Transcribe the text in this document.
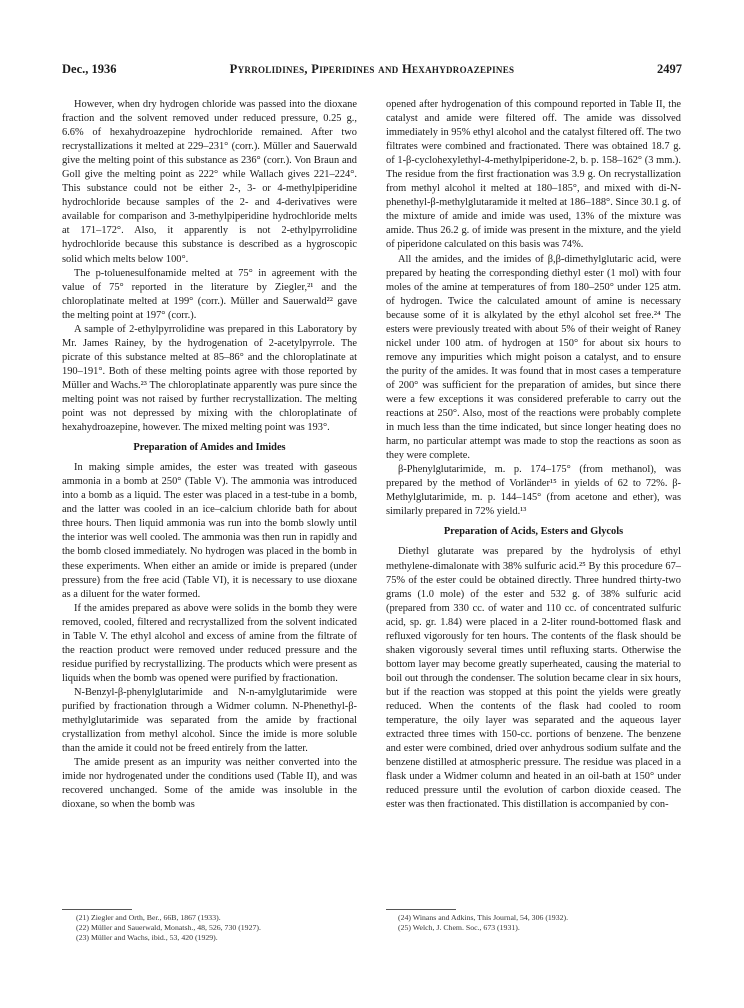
Dec., 1936	Pyrrolidines, Piperidines and Hexahydroazepines	2497

However, when dry hydrogen chloride was passed into the dioxane fraction and the solvent removed under reduced pressure, 0.25 g., 6.6% of hexahydroazepine hydrochloride remained. After two recrystallizations it melted at 229–231° (corr.). Müller and Sauerwald give the melting point of this substance as 236° (corr.). Von Braun and Goll give the melting point as 222° while Wallach gives 221–224°. This substance could not be either 2-, 3- or 4-methylpiperidine hydrochloride because samples of the 2- and 4-derivatives were available for comparison and 3-methylpiperidine hydrochloride melts at 171–172°. Also, it apparently is not 2-ethylpyrrolidine hydrochloride because this substance is described as a hygroscopic solid which melts below 100°.

The p-toluenesulfonamide melted at 75° in agreement with the value of 75° reported in the literature by Ziegler,²¹ and the chloroplatinate melted at 199° (corr.). Müller and Sauerwald²² gave the melting point at 197° (corr.).

A sample of 2-ethylpyrrolidine was prepared in this Laboratory by Mr. James Rainey, by the hydrogenation of 2-acetylpyrrole. The picrate of this substance melted at 85–86° and the chloroplatinate at 190–191°. Both of these melting points agree with those reported by Müller and Wachs.²³ The chloroplatinate apparently was pure since the melting point was not raised by further recrystallization. The melting point was not depressed by mixing with the chloroplatinate of hexahydroazepine, however. The mixed melting point was 193°.

Preparation of Amides and Imides

In making simple amides, the ester was treated with gaseous ammonia in a bomb at 250° (Table V). The ammonia was introduced into a bomb as a liquid. The ester was placed in a test-tube in a bomb, and the latter was cooled in an ice–calcium chloride bath for about three hours. Then liquid ammonia was run into the bomb slowly until the interior was well cooled. The ammonia was then run in rapidly and the bomb closed immediately. No hydrogen was placed in the bomb in these experiments. When either an amide or imide is prepared (under pressure) from the free acid (Table VI), it is necessary to use dioxane as a diluent for the water formed.

If the amides prepared as above were solids in the bomb they were removed, cooled, filtered and recrystallized from the solvent indicated in Table V. The ethyl alcohol and excess of amine from the filtrate of the reaction product were removed under reduced pressure and the residue purified by recrystallizing. The products which were present as liquids when the bomb was opened were purified by fractionation.

N-Benzyl-β-phenylglutarimide and N-n-amylglutarimide were purified by fractionation through a Widmer column. N-Phenethyl-β-methylglutarimide was separated from the amide by fractional crystallization from methyl alcohol. Since the imide is more soluble than the amide it could not be freed entirely from the latter.

The amide present as an impurity was neither converted into the imide nor hydrogenated under the conditions used (Table II), and was recovered unchanged. Some of the amide was insoluble in the dioxane, so when the bomb was

opened after hydrogenation of this compound reported in Table II, the catalyst and amide were filtered off. The amide was dissolved immediately in 95% ethyl alcohol and the catalyst filtered off. The two filtrates were combined and fractionated. There was obtained 18.7 g. of 1-β-cyclohexylethyl-4-methylpiperidone-2, b. p. 158–162° (3 mm.). The residue from the first fractionation was 3.9 g. On recrystallization from methyl alcohol it melted at 180–185°, and mixed with di-N-phenethyl-β-methylglutaramide it melted at 186–188°. Since 30.1 g. of the mixture of amide and imide was used, 13% of the mixture was amide. Thus 26.2 g. of imide was present in the mixture, and the yield of piperidone calculated on this basis was 74%.

All the amides, and the imides of β,β-dimethylglutaric acid, were prepared by heating the corresponding diethyl ester (1 mol) with four moles of the amine at temperatures of from 180–250° under 125 atm. of hydrogen. Twice the calculated amount of amine is necessary because some of it is alkylated by the ethyl alcohol set free.²⁴ The esters were previously treated with about 5% of their weight of Raney nickel under 100 atm. of hydrogen at 150° for about six hours to remove any impurities which might poison a catalyst, and to ensure the purity of the amides. It was found that in most cases a temperature of 200° was sufficient for the preparation of amides, but since there were a few exceptions it was considered preferable to carry out the reactions at 250°. Also, most of the reactions were probably complete in much less than the time indicated, but since longer heating does no harm, no particular attempt was made to stop the reactions as soon as they were complete.

β-Phenylglutarimide, m. p. 174–175° (from methanol), was prepared by the method of Vorländer¹⁵ in yields of 62 to 72%. β-Methylglutarimide, m. p. 144–145° (from acetone and ether), was similarly prepared in 72% yield.¹³

Preparation of Acids, Esters and Glycols

Diethyl glutarate was prepared by the hydrolysis of ethyl methylene-dimalonate with 38% sulfuric acid.²⁵ By this procedure 67–75% of the ester could be obtained directly. Three hundred thirty-two grams (1.0 mole) of the ester and 532 g. of 38% sulfuric acid (prepared from 330 cc. of water and 110 cc. of concentrated sulfuric acid, sp. gr. 1.84) were placed in a 2-liter round-bottomed flask and refluxed vigorously for ten hours. The contents of the flask should be shaken vigorously several times until refluxing starts. Otherwise the bottom layer may become greatly superheated, causing the material to boil out through the condenser. The solution became clear in six hours, but if the reaction was stopped at this point the yields were greatly reduced. When the contents of the flask had cooled to room temperature, the oily layer was separated and the aqueous layer extracted three times with 150-cc. portions of benzene. The benzene and ester were combined, dried over anhydrous sodium sulfate and the benzene distilled at atmospheric pressure. The residue was placed in a flask under a Widmer column and heated in an oil-bath at 150° under reduced pressure until the evolution of carbon dioxide ceased. The ester was then fractionated. This distillation is accompanied by con-

(21) Ziegler and Orth, Ber., 66B, 1867 (1933).
(22) Müller and Sauerwald, Monatsh., 48, 526, 730 (1927).
(23) Müller and Wachs, ibid., 53, 420 (1929).
(24) Winans and Adkins, This Journal, 54, 306 (1932).
(25) Welch, J. Chem. Soc., 673 (1931).
